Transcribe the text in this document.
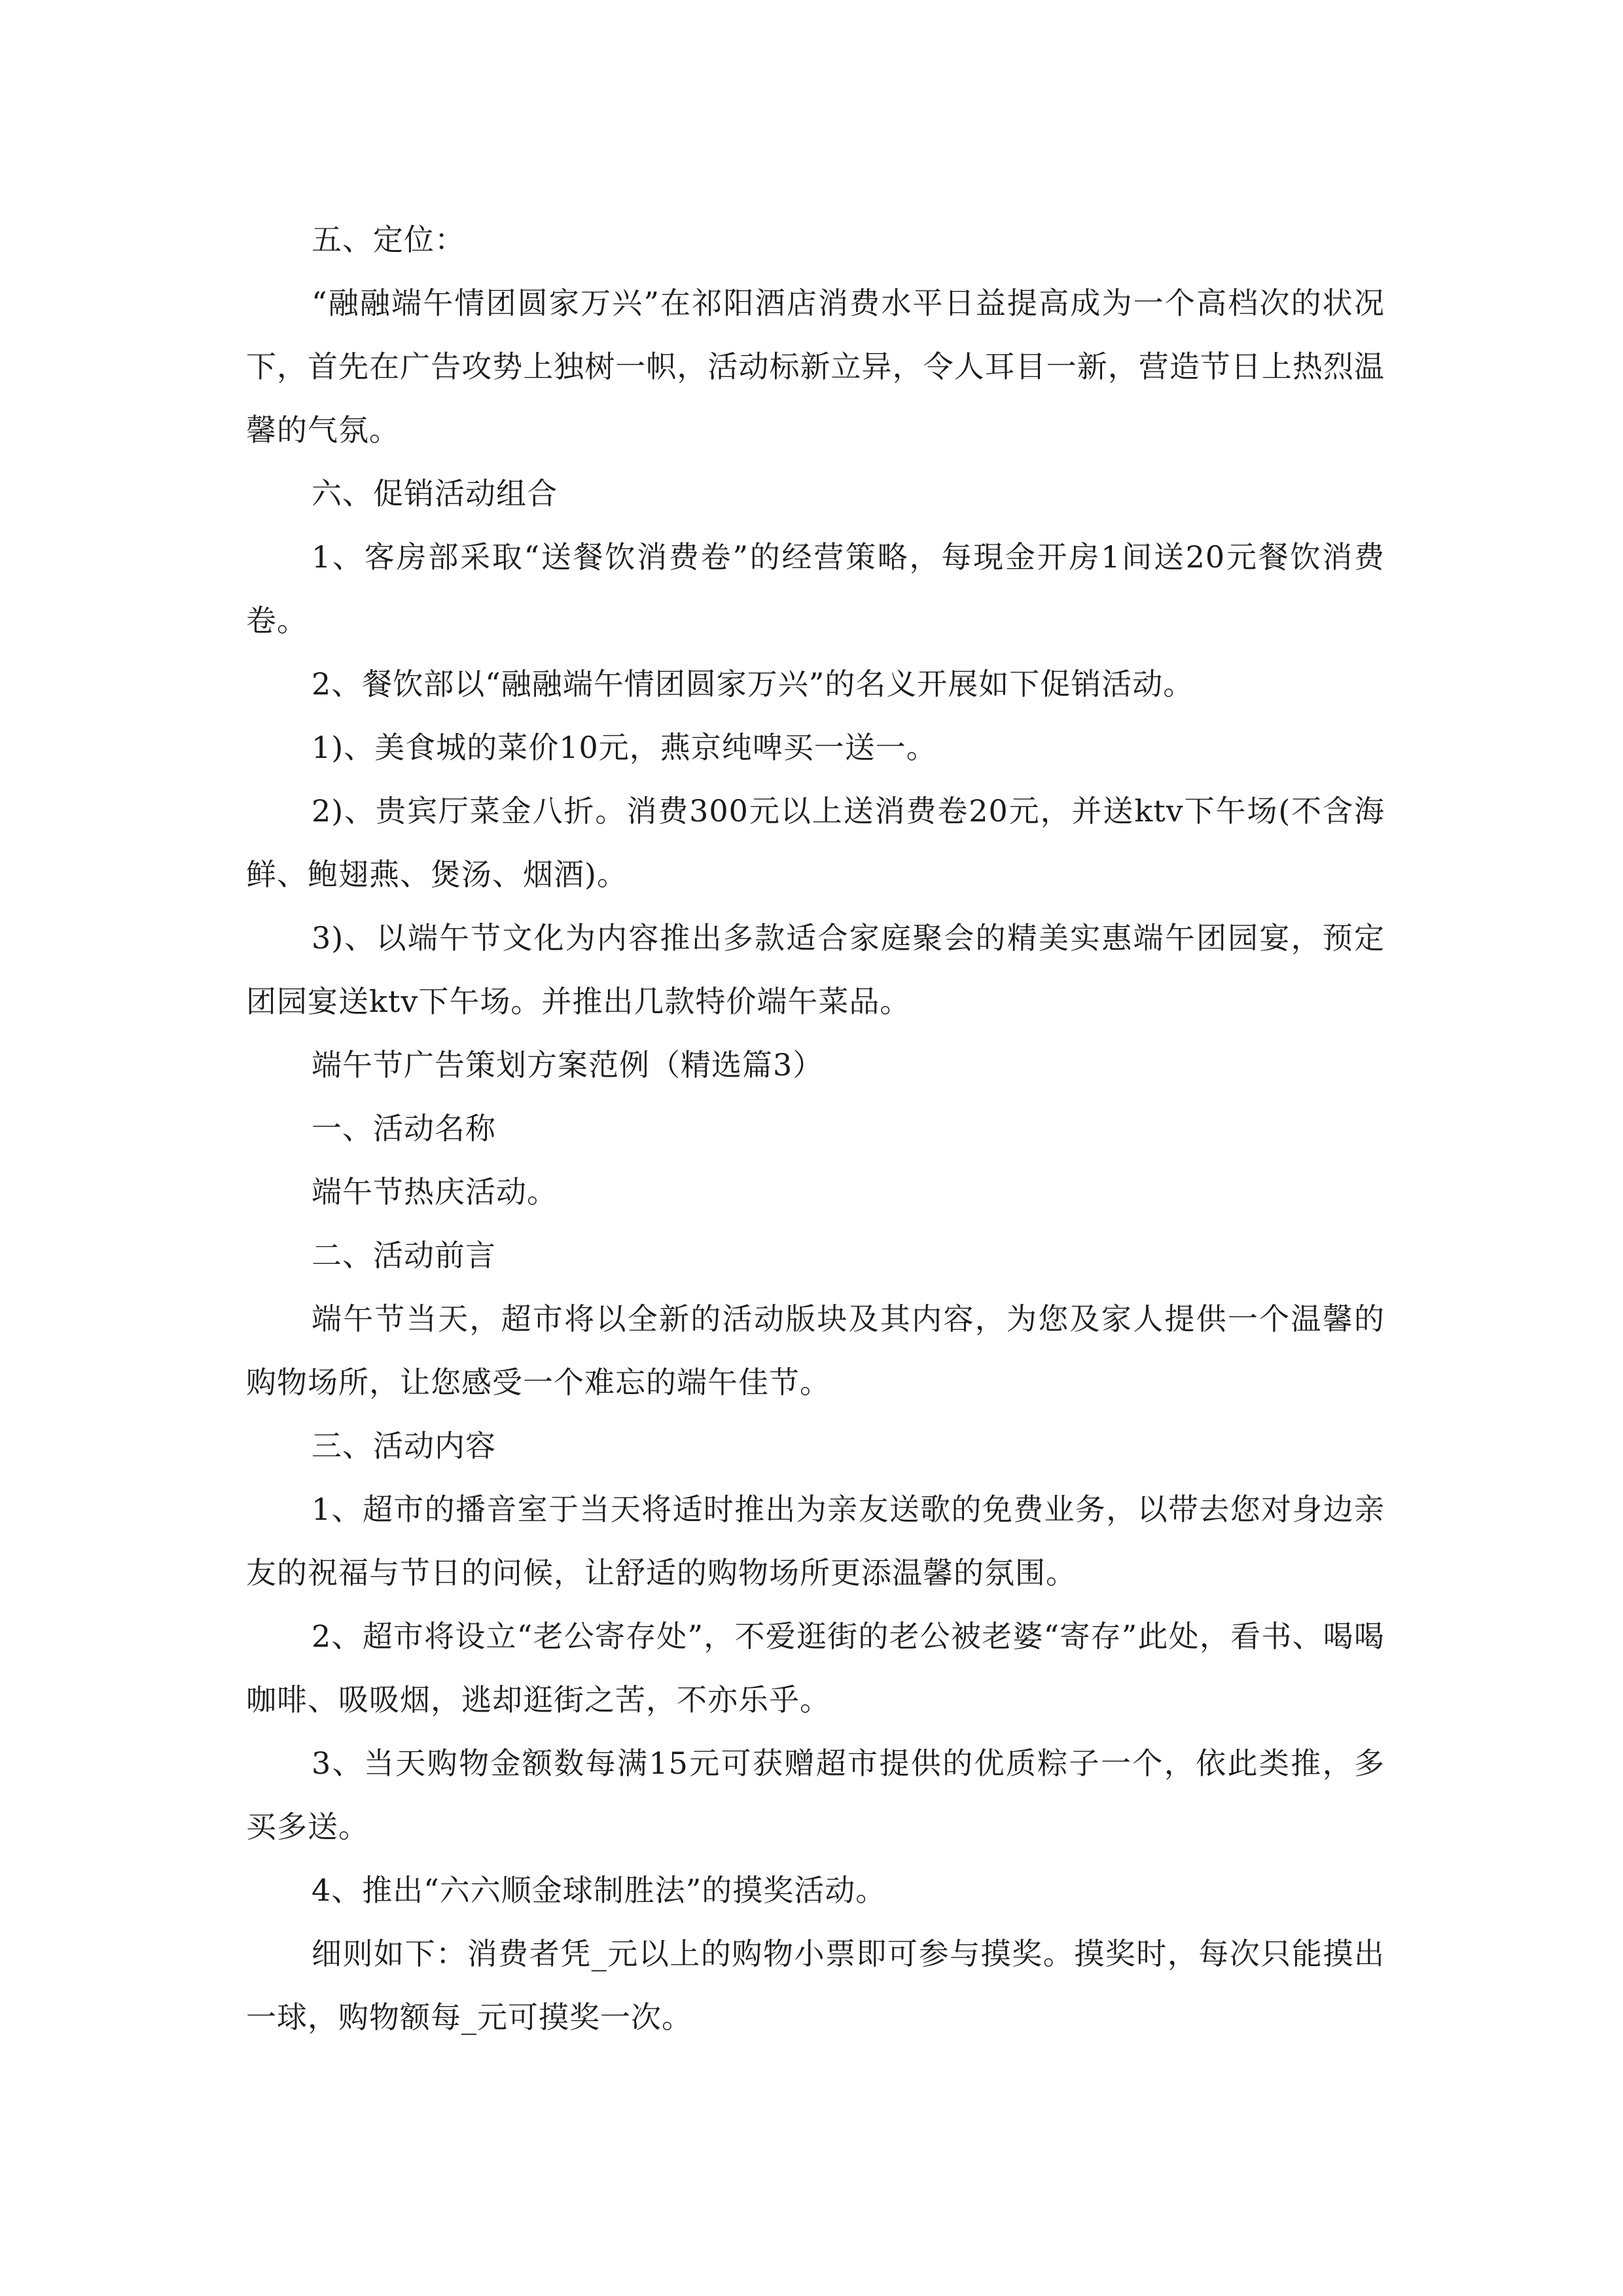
五、定位：

“融融端午情团圆家万兴”在祁阳酒店消费水平日益提高成为一个高档次的状况下，首先在广告攻势上独树一帜，活动标新立异，令人耳目一新，营造节日上热烈温馨的气氛。

六、促销活动组合

1、客房部采取“送餐饮消费卷”的经营策略，每現金开房1间送20元餐饮消费卷。

2、餐饮部以“融融端午情团圆家万兴”的名义开展如下促销活动。

1)、美食城的菜价10元，燕京纯啤买一送一。

2)、贵宾厅菜金八折。消费300元以上送消费卷20元，并送ktv下午场(不含海鲜、鲍翅燕、煲汤、烟酒)。

3)、以端午节文化为内容推出多款适合家庭聚会的精美实惠端午团园宴，预定团园宴送ktv下午场。并推出几款特价端午菜品。

端午节广告策划方案范例（精选篇3）

一、活动名称

端午节热庆活动。

二、活动前言

端午节当天，超市将以全新的活动版块及其内容，为您及家人提供一个温馨的购物场所，让您感受一个难忘的端午佳节。

三、活动内容

1、超市的播音室于当天将适时推出为亲友送歌的免费业务，以带去您对身边亲友的祝福与节日的问候，让舒适的购物场所更添温馨的氛围。

2、超市将设立“老公寄存处”，不爱逛街的老公被老婆“寄存”此处，看书、喝喝咖啡、吸吸烟，逃却逛街之苦，不亦乐乎。

3、当天购物金额数每满15元可获赠超市提供的优质粽子一个，依此类推，多买多送。

4、推出“六六顺金球制胜法”的摸奖活动。

细则如下：消费者凭_元以上的购物小票即可参与摸奖。摸奖时，每次只能摸出一球，购物额每_元可摸奖一次。
